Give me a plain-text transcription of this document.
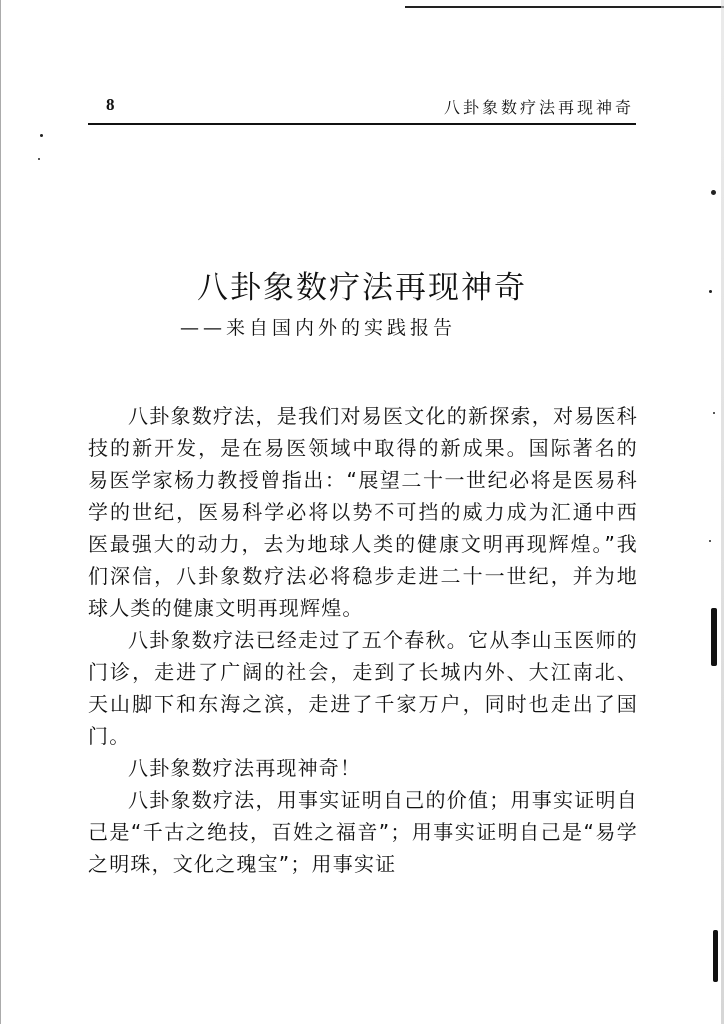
8	八卦象数疗法再现神奇
八卦象数疗法再现神奇
——来自国内外的实践报告

八卦象数疗法，是我们对易医文化的新探索，对易医科技的新开发，是在易医领域中取得的新成果。国际著名的易医学家杨力教授曾指出：“展望二十一世纪必将是医易科学的世纪，医易科学必将以势不可挡的威力成为汇通中西医最强大的动力，去为地球人类的健康文明再现辉煌。”我们深信，八卦象数疗法必将稳步走进二十一世纪，并为地球人类的健康文明再现辉煌。

八卦象数疗法已经走过了五个春秋。它从李山玉医师的门诊，走进了广阔的社会，走到了长城内外、大江南北、天山脚下和东海之滨，走进了千家万户，同时也走出了国门。

八卦象数疗法再现神奇！

八卦象数疗法，用事实证明自己的价值；用事实证明自己是“千古之绝技，百姓之福音”；用事实证明自己是“易学之明珠，文化之瑰宝”；用事实证
